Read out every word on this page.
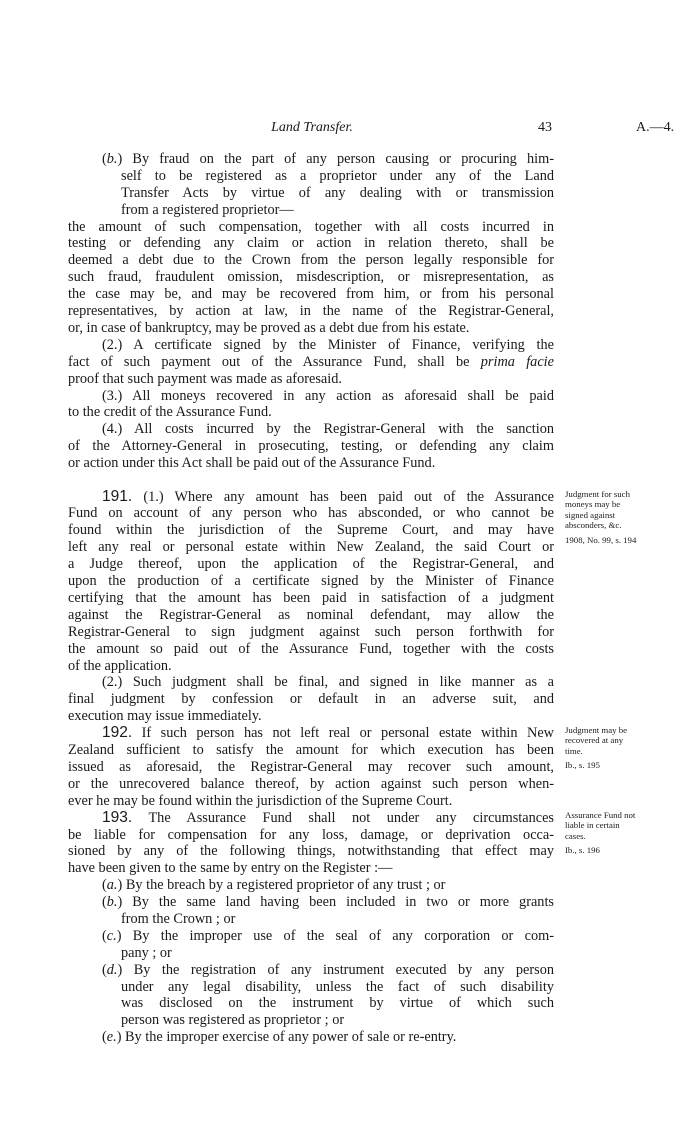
Land Transfer.	43	A.—4.
(b.) By fraud on the part of any person causing or procuring him-
self to be registered as a proprietor under any of the Land
Transfer Acts by virtue of any dealing with or transmission
from a registered proprietor—
the amount of such compensation, together with all costs incurred in
testing or defending any claim or action in relation thereto, shall be
deemed a debt due to the Crown from the person legally responsible for
such fraud, fraudulent omission, misdescription, or misrepresentation, as
the case may be, and may be recovered from him, or from his personal
representatives, by action at law, in the name of the Registrar-General,
or, in case of bankruptcy, may be proved as a debt due from his estate.
(2.) A certificate signed by the Minister of Finance, verifying the
fact of such payment out of the Assurance Fund, shall be prima facie
proof that such payment was made as aforesaid.
(3.) All moneys recovered in any action as aforesaid shall be paid
to the credit of the Assurance Fund.
(4.) All costs incurred by the Registrar-General with the sanction
of the Attorney-General in prosecuting, testing, or defending any claim
or action under this Act shall be paid out of the Assurance Fund.
191. (1.) Where any amount has been paid out of the Assurance
Fund on account of any person who has absconded, or who cannot be
found within the jurisdiction of the Supreme Court, and may have
left any real or personal estate within New Zealand, the said Court or
a Judge thereof, upon the application of the Registrar-General, and
upon the production of a certificate signed by the Minister of Finance
certifying that the amount has been paid in satisfaction of a judgment
against the Registrar-General as nominal defendant, may allow the
Registrar-General to sign judgment against such person forthwith for
the amount so paid out of the Assurance Fund, together with the costs
of the application.
(2.) Such judgment shall be final, and signed in like manner as a
final judgment by confession or default in an adverse suit, and
execution may issue immediately.
192. If such person has not left real or personal estate within New
Zealand sufficient to satisfy the amount for which execution has been
issued as aforesaid, the Registrar-General may recover such amount,
or the unrecovered balance thereof, by action against such person when-
ever he may be found within the jurisdiction of the Supreme Court.
193. The Assurance Fund shall not under any circumstances
be liable for compensation for any loss, damage, or deprivation occa-
sioned by any of the following things, notwithstanding that effect may
have been given to the same by entry on the Register :—
(a.) By the breach by a registered proprietor of any trust ; or
(b.) By the same land having been included in two or more grants
from the Crown ; or
(c.) By the improper use of the seal of any corporation or com-
pany ; or
(d.) By the registration of any instrument executed by any person
under any legal disability, unless the fact of such disability
was disclosed on the instrument by virtue of which such
person was registered as proprietor ; or
(e.) By the improper exercise of any power of sale or re-entry.
Judgment for such
moneys may be
signed against
absconders, &c.
1908, No. 99, s. 194
Judgment may be
recovered at any
time.
Ib., s. 195
Assurance Fund not
liable in certain
cases.
Ib., s. 196
